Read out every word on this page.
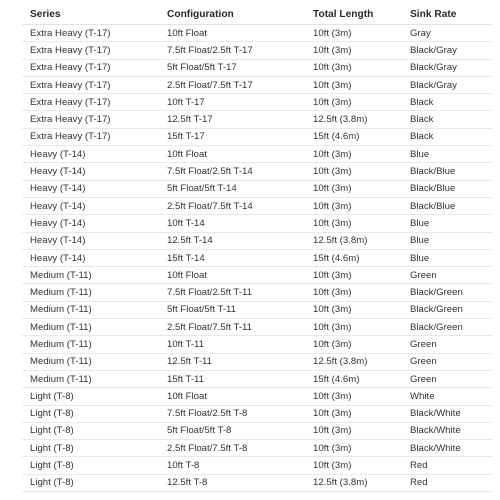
Series	Configuration	Total Length	Sink Rate
Extra Heavy (T-17)	10ft Float	10ft (3m)	Gray
Extra Heavy (T-17)	7.5ft Float/2.5ft T-17	10ft (3m)	Black/Gray
Extra Heavy (T-17)	5ft Float/5ft T-17	10ft (3m)	Black/Gray
Extra Heavy (T-17)	2.5ft Float/7.5ft T-17	10ft (3m)	Black/Gray
Extra Heavy (T-17)	10ft T-17	10ft (3m)	Black
Extra Heavy (T-17)	12.5ft T-17	12.5ft (3.8m)	Black
Extra Heavy (T-17)	15ft T-17	15ft (4.6m)	Black
Heavy (T-14)	10ft Float	10ft (3m)	Blue
Heavy (T-14)	7.5ft Float/2.5ft T-14	10ft (3m)	Black/Blue
Heavy (T-14)	5ft Float/5ft T-14	10ft (3m)	Black/Blue
Heavy (T-14)	2.5ft Float/7.5ft T-14	10ft (3m)	Black/Blue
Heavy (T-14)	10ft T-14	10ft (3m)	Blue
Heavy (T-14)	12.5ft T-14	12.5ft (3.8m)	Blue
Heavy (T-14)	15ft T-14	15ft (4.6m)	Blue
Medium (T-11)	10ft Float	10ft (3m)	Green
Medium (T-11)	7.5ft Float/2.5ft T-11	10ft (3m)	Black/Green
Medium (T-11)	5ft Float/5ft T-11	10ft (3m)	Black/Green
Medium (T-11)	2.5ft Float/7.5ft T-11	10ft (3m)	Black/Green
Medium (T-11)	10ft T-11	10ft (3m)	Green
Medium (T-11)	12.5ft T-11	12.5ft (3.8m)	Green
Medium (T-11)	15ft T-11	15ft (4.6m)	Green
Light (T-8)	10ft Float	10ft (3m)	White
Light (T-8)	7.5ft Float/2.5ft T-8	10ft (3m)	Black/White
Light (T-8)	5ft Float/5ft T-8	10ft (3m)	Black/White
Light (T-8)	2.5ft Float/7.5ft T-8	10ft (3m)	Black/White
Light (T-8)	10ft T-8	10ft (3m)	Red
Light (T-8)	12.5ft T-8	12.5ft (3.8m)	Red
